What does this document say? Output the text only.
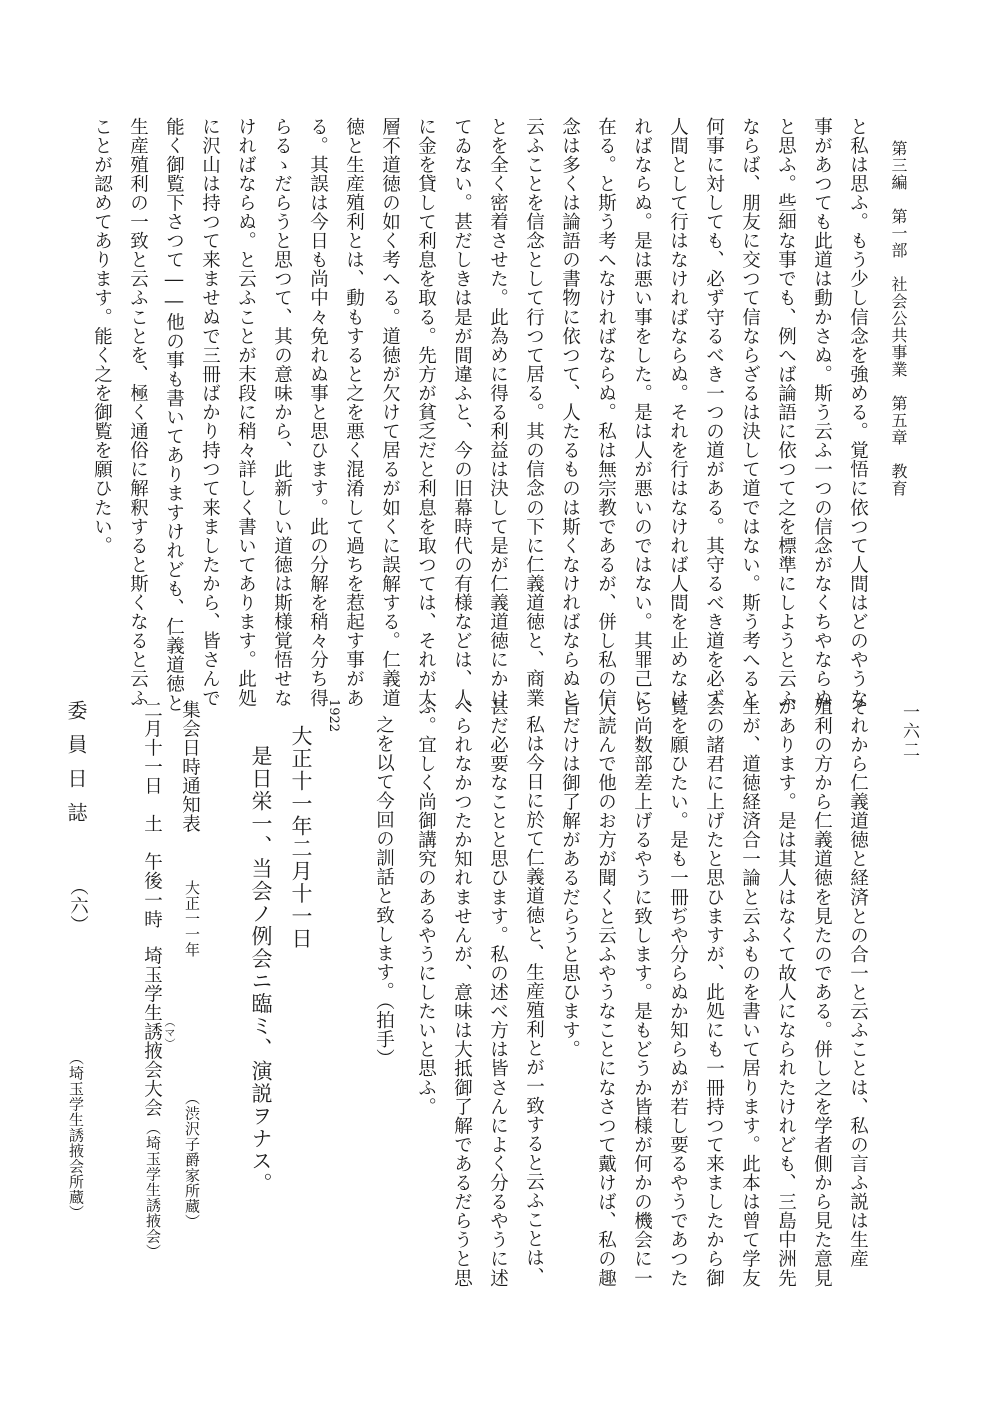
第三編　第一部　社会公共事業　第五章　教育
一六二
と私は思ふ。もう少し信念を強める。覚悟に依つて人間はどのやうな
事があつても此道は動かさぬ。斯う云ふ一つの信念がなくちやならぬ
と思ふ。些細な事でも、例へば論語に依つて之を標準にしようと云ふ
ならば、朋友に交つて信ならざるは決して道ではない。斯う考へると
何事に対しても、必ず守るべき一つの道がある。其守るべき道を必ず
人間として行はなければならぬ。それを行はなければ人間を止めなけ
ればならぬ。是は悪い事をした。是は人が悪いのではない。其罪己に
在る。と斯う考へなければならぬ。私は無宗教であるが、併し私の信
念は多くは論語の書物に依つて、人たるものは斯くなければならぬと
云ふことを信念として行つて居る。其の信念の下に仁義道徳と、商業
とを全く密着させた。此為めに得る利益は決して是が仁義道徳にかけ
てゐない。甚だしきは是が間違ふと、今の旧幕時代の有様などは、人
に金を貸して利息を取る。先方が貧乏だと利息を取つては、それが大
層不道徳の如く考へる。道徳が欠けて居るが如くに誤解する。仁義道
徳と生産殖利とは、動もすると之を悪く混淆して過ちを惹起す事があ
る。其誤は今日も尚中々免れぬ事と思ひます。此の分解を稍々分ち得
らるゝだらうと思つて、其の意味から、此新しい道徳は斯様覚悟せな
ければならぬ。と云ふことが末段に稍々詳しく書いてあります。此処
に沢山は持つて来ませぬで三冊ばかり持つて来ましたから、皆さんで
能く御覧下さつて――他の事も書いてありますけれども、仁義道徳と
生産殖利の一致と云ふことを、極く通俗に解釈すると斯くなると云ふ
ことが認めてあります。能く之を御覧を願ひたい。
それから仁義道徳と経済との合一と云ふことは、私の言ふ説は生産
殖利の方から仁義道徳を見たのである。併し之を学者側から見た意見
があります。是は其人はなくて故人になられたけれども、三島中洲先
生が、道徳経済合一論と云ふものを書いて居ります。此本は曾て学友
会の諸君に上げたと思ひますが、此処にも一冊持つて来ましたから御
覧を願ひたい。是も一冊ぢや分らぬか知らぬが若し要るやうであつた
ら尚数部差上げるやうに致します。是もどうか皆様が何かの機会に一
人読んで他のお方が聞くと云ふやうなことになさつて戴けば、私の趣
旨だけは御了解があるだらうと思ひます。
私は今日に於て仁義道徳と、生産殖利とが一致すると云ふことは、
甚だ必要なことと思ひます。私の述べ方は皆さんによく分るやうに述
べられなかつたか知れませんが、意味は大抵御了解であるだらうと思
ふ。宜しく尚御講究のあるやうにしたいと思ふ。
之を以て今回の訓話と致します。（拍手）
1922
大正十一年二月十一日
是日栄一、当会ノ例会ニ臨ミ、演説ヲナス。
集会日時通知表
大正一一年
（渋沢子爵家所蔵）
二月十一日　土　午後一時
埼玉学生誘掖会大会 （マ）
（埼玉学生誘掖会）
委員日誌
（六）
（埼玉学生誘掖会所蔵）
